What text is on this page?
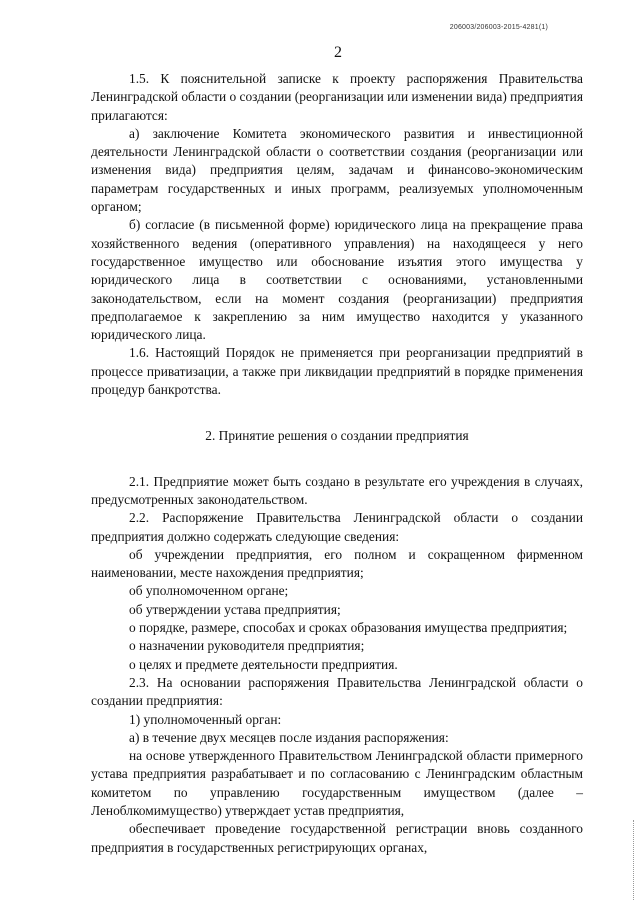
206003/206003-2015-4281(1)
2

1.5. К пояснительной записке к проекту распоряжения Правительства Ленинградской области о создании (реорганизации или изменении вида) предприятия прилагаются:

а) заключение Комитета экономического развития и инвестиционной деятельности Ленинградской области о соответствии создания (реорганизации или изменения вида) предприятия целям, задачам и финансово-экономическим параметрам государственных и иных программ, реализуемых уполномоченным органом;

б) согласие (в письменной форме) юридического лица на прекращение права хозяйственного ведения (оперативного управления) на находящееся у него государственное имущество или обоснование изъятия этого имущества у юридического лица в соответствии с основаниями, установленными законодательством, если на момент создания (реорганизации) предприятия предполагаемое к закреплению за ним имущество находится у указанного юридического лица.

1.6. Настоящий Порядок не применяется при реорганизации предприятий в процессе приватизации, а также при ликвидации предприятий в порядке применения процедур банкротства.

2. Принятие решения о создании предприятия

2.1. Предприятие может быть создано в результате его учреждения в случаях, предусмотренных законодательством.

2.2. Распоряжение Правительства Ленинградской области о создании предприятия должно содержать следующие сведения:

об учреждении предприятия, его полном и сокращенном фирменном наименовании, месте нахождения предприятия;

об уполномоченном органе;

об утверждении устава предприятия;

о порядке, размере, способах и сроках образования имущества предприятия;

о назначении руководителя предприятия;

о целях и предмете деятельности предприятия.

2.3. На основании распоряжения Правительства Ленинградской области о создании предприятия:

1) уполномоченный орган:

а) в течение двух месяцев после издания распоряжения:

на основе утвержденного Правительством Ленинградской области примерного устава предприятия разрабатывает и по согласованию с Ленинградским областным комитетом по управлению государственным имуществом (далее – Леноблкомимущество) утверждает устав предприятия,

обеспечивает проведение государственной регистрации вновь созданного предприятия в государственных регистрирующих органах,
